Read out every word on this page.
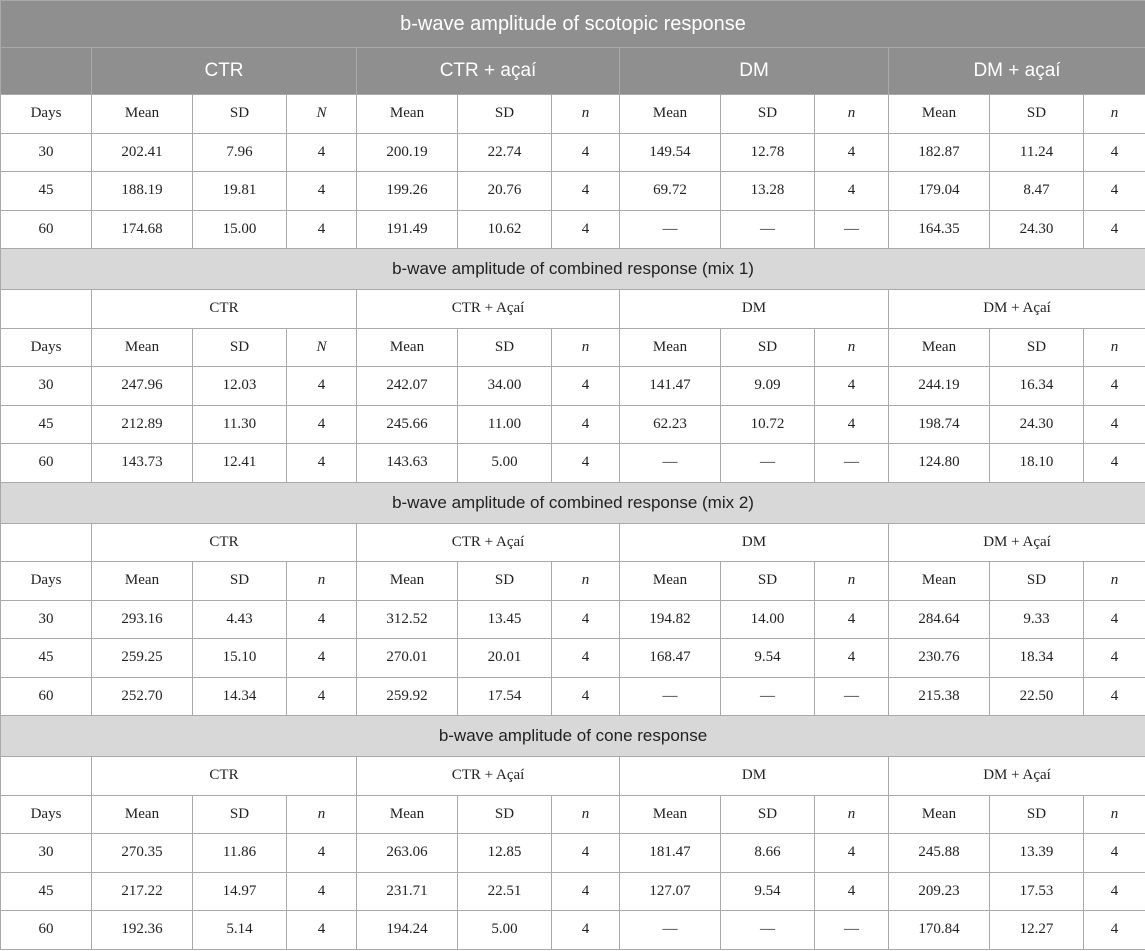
b-wave amplitude of scotopic response												
	CTR			CTR + açaí			DM			DM + açaí		
Days	Mean	SD	N	Mean	SD	n	Mean	SD	n	Mean	SD	n
30	202.41	7.96	4	200.19	22.74	4	149.54	12.78	4	182.87	11.24	4
45	188.19	19.81	4	199.26	20.76	4	69.72	13.28	4	179.04	8.47	4
60	174.68	15.00	4	191.49	10.62	4	—	—	—	164.35	24.30	4
b-wave amplitude of combined response (mix 1)												
	CTR			CTR + Açaí			DM			DM + Açaí		
Days	Mean	SD	N	Mean	SD	n	Mean	SD	n	Mean	SD	n
30	247.96	12.03	4	242.07	34.00	4	141.47	9.09	4	244.19	16.34	4
45	212.89	11.30	4	245.66	11.00	4	62.23	10.72	4	198.74	24.30	4
60	143.73	12.41	4	143.63	5.00	4	—	—	—	124.80	18.10	4
b-wave amplitude of combined response (mix 2)												
	CTR			CTR + Açaí			DM			DM + Açaí		
Days	Mean	SD	n	Mean	SD	n	Mean	SD	n	Mean	SD	n
30	293.16	4.43	4	312.52	13.45	4	194.82	14.00	4	284.64	9.33	4
45	259.25	15.10	4	270.01	20.01	4	168.47	9.54	4	230.76	18.34	4
60	252.70	14.34	4	259.92	17.54	4	—	—	—	215.38	22.50	4
b-wave amplitude of cone response												
	CTR			CTR + Açaí			DM			DM + Açaí		
Days	Mean	SD	n	Mean	SD	n	Mean	SD	n	Mean	SD	n
30	270.35	11.86	4	263.06	12.85	4	181.47	8.66	4	245.88	13.39	4
45	217.22	14.97	4	231.71	22.51	4	127.07	9.54	4	209.23	17.53	4
60	192.36	5.14	4	194.24	5.00	4	—	—	—	170.84	12.27	4
